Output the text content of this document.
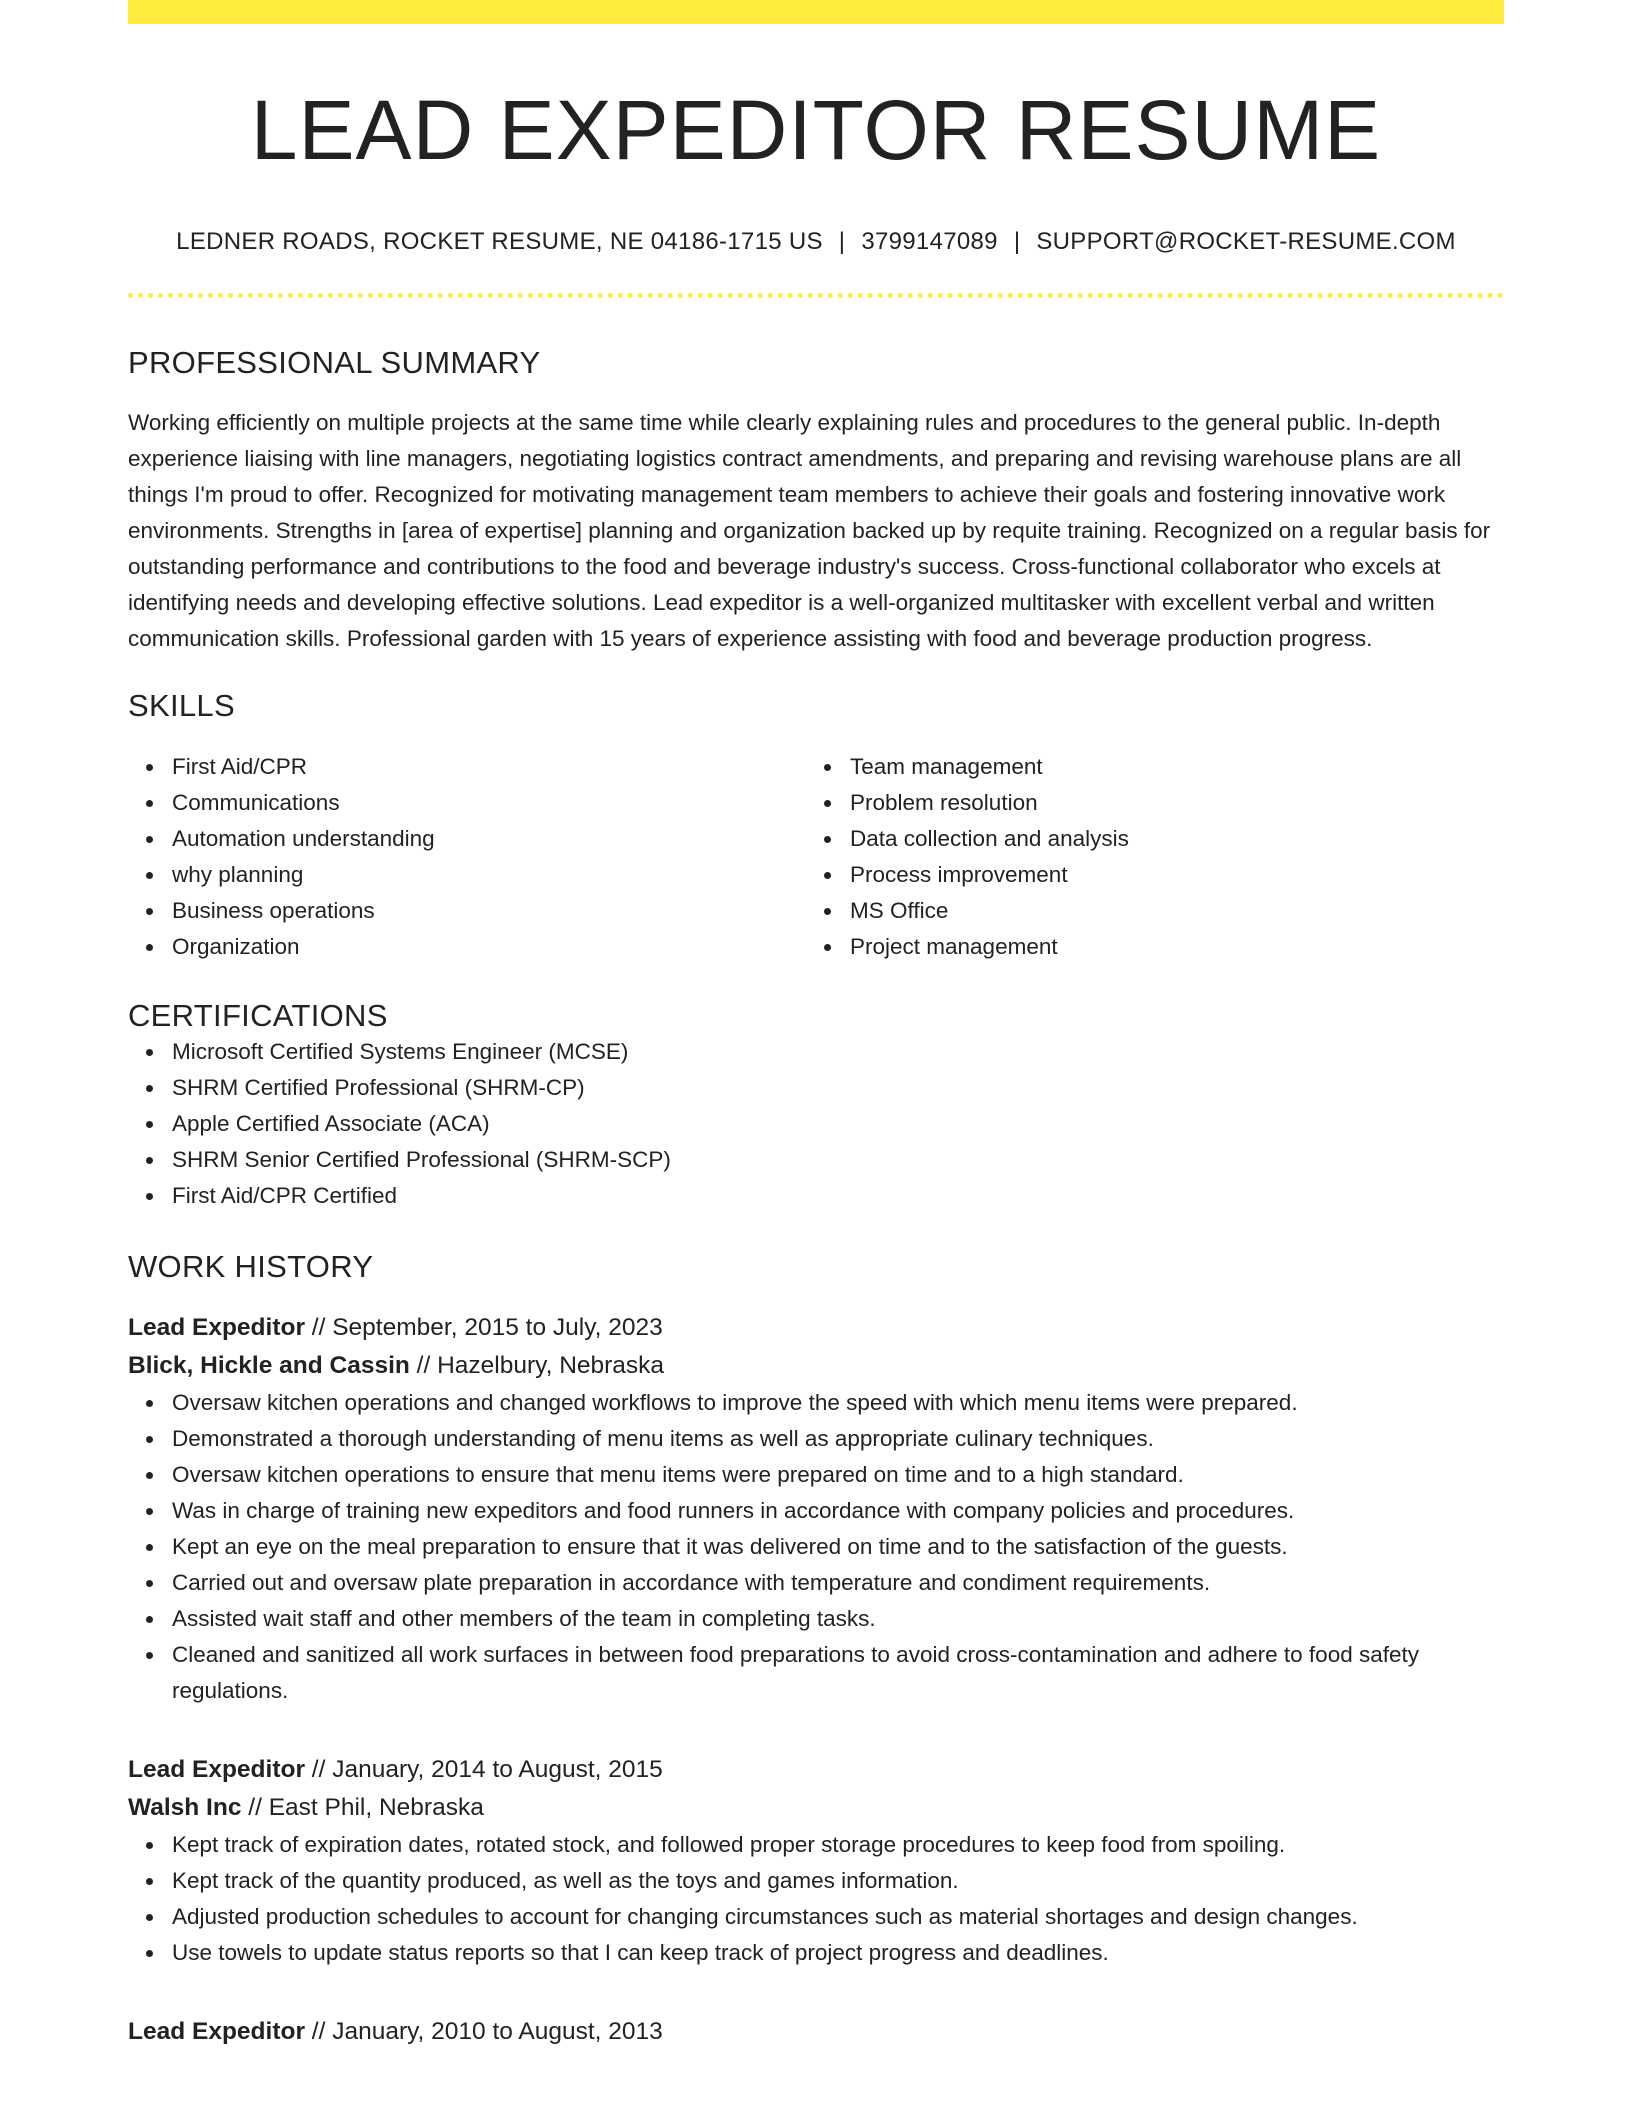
LEAD EXPEDITOR RESUME
LEDNER ROADS, ROCKET RESUME, NE 04186-1715 US | 3799147089 | SUPPORT@ROCKET-RESUME.COM
PROFESSIONAL SUMMARY

Working efficiently on multiple projects at the same time while clearly explaining rules and procedures to the general public. In-depth experience liaising with line managers, negotiating logistics contract amendments, and preparing and revising warehouse plans are all things I'm proud to offer. Recognized for motivating management team members to achieve their goals and fostering innovative work environments. Strengths in [area of expertise] planning and organization backed up by requite training. Recognized on a regular basis for outstanding performance and contributions to the food and beverage industry's success. Cross-functional collaborator who excels at identifying needs and developing effective solutions. Lead expeditor is a well-organized multitasker with excellent verbal and written communication skills. Professional garden with 15 years of experience assisting with food and beverage production progress.

SKILLS
First Aid/CPR
Communications
Automation understanding
why planning
Business operations
Organization
Team management
Problem resolution
Data collection and analysis
Process improvement
MS Office
Project management
CERTIFICATIONS
Microsoft Certified Systems Engineer (MCSE)
SHRM Certified Professional (SHRM-CP)
Apple Certified Associate (ACA)
SHRM Senior Certified Professional (SHRM-SCP)
First Aid/CPR Certified
WORK HISTORY
Lead Expeditor // September, 2015 to July, 2023
Blick, Hickle and Cassin // Hazelbury, Nebraska
Oversaw kitchen operations and changed workflows to improve the speed with which menu items were prepared.
Demonstrated a thorough understanding of menu items as well as appropriate culinary techniques.
Oversaw kitchen operations to ensure that menu items were prepared on time and to a high standard.
Was in charge of training new expeditors and food runners in accordance with company policies and procedures.
Kept an eye on the meal preparation to ensure that it was delivered on time and to the satisfaction of the guests.
Carried out and oversaw plate preparation in accordance with temperature and condiment requirements.
Assisted wait staff and other members of the team in completing tasks.
Cleaned and sanitized all work surfaces in between food preparations to avoid cross-contamination and adhere to food safety regulations.
Lead Expeditor // January, 2014 to August, 2015
Walsh Inc // East Phil, Nebraska
Kept track of expiration dates, rotated stock, and followed proper storage procedures to keep food from spoiling.
Kept track of the quantity produced, as well as the toys and games information.
Adjusted production schedules to account for changing circumstances such as material shortages and design changes.
Use towels to update status reports so that I can keep track of project progress and deadlines.
Lead Expeditor // January, 2010 to August, 2013
